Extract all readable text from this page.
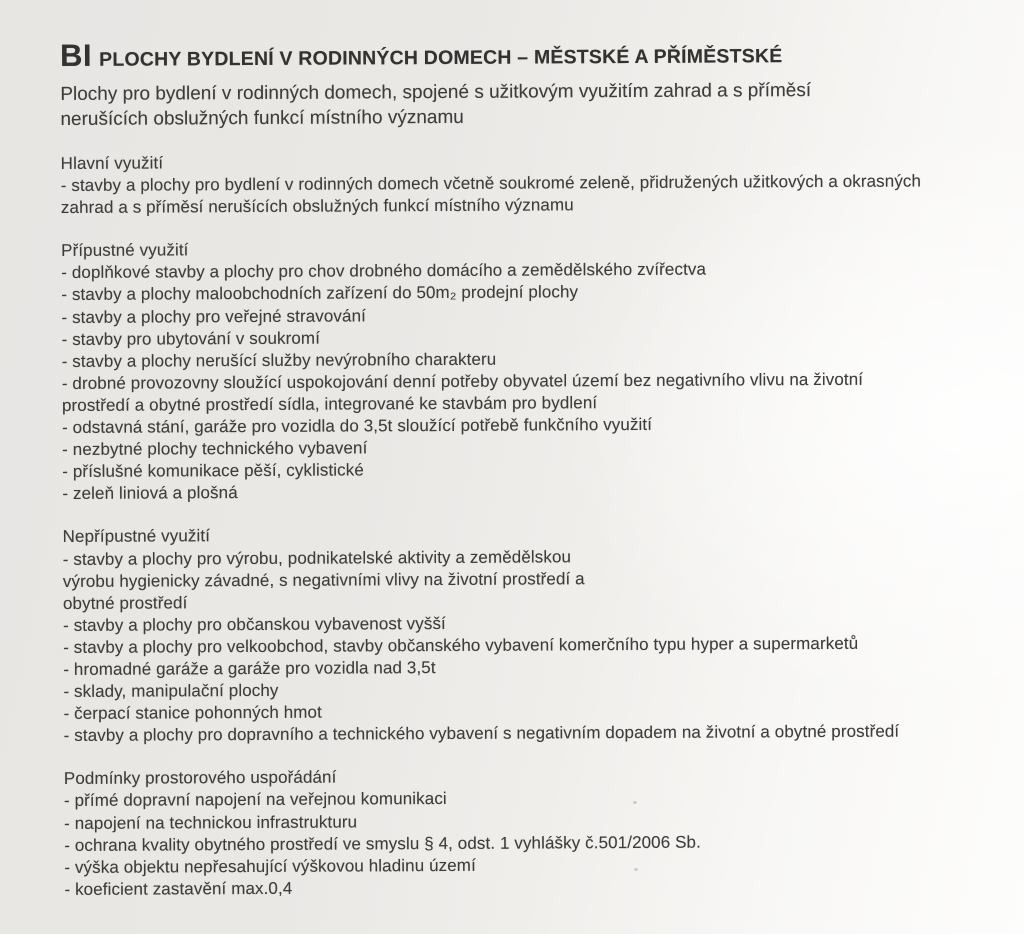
BI PLOCHY BYDLENÍ V RODINNÝCH DOMECH – MĚSTSKÉ A PŘÍMĚSTSKÉ
Plochy pro bydlení v rodinných domech, spojené s užitkovým využitím zahrad a s příměsí
nerušících obslužných funkcí místního významu
Hlavní využití
- stavby a plochy pro bydlení v rodinných domech včetně soukromé zeleně, přidružených užitkových a okrasných
zahrad a s příměsí nerušících obslužných funkcí místního významu
Přípustné využití
- doplňkové stavby a plochy pro chov drobného domácího a zemědělského zvířectva
- stavby a plochy maloobchodních zařízení do 50m₂ prodejní plochy
- stavby a plochy pro veřejné stravování
- stavby pro ubytování v soukromí
- stavby a plochy nerušící služby nevýrobního charakteru
- drobné provozovny sloužící uspokojování denní potřeby obyvatel území bez negativního vlivu na životní
prostředí a obytné prostředí sídla, integrované ke stavbám pro bydlení
- odstavná stání, garáže pro vozidla do 3,5t sloužící potřebě funkčního využití
- nezbytné plochy technického vybavení
- příslušné komunikace pěší, cyklistické
- zeleň liniová a plošná
Nepřípustné využití
- stavby a plochy pro výrobu, podnikatelské aktivity a zemědělskou
výrobu hygienicky závadné, s negativními vlivy na životní prostředí a
obytné prostředí
- stavby a plochy pro občanskou vybavenost vyšší
- stavby a plochy pro velkoobchod, stavby občanského vybavení komerčního typu hyper a supermarketů
- hromadné garáže a garáže pro vozidla nad 3,5t
- sklady, manipulační plochy
- čerpací stanice pohonných hmot
- stavby a plochy pro dopravního a technického vybavení s negativním dopadem na životní a obytné prostředí
Podmínky prostorového uspořádání
- přímé dopravní napojení na veřejnou komunikaci
- napojení na technickou infrastrukturu
- ochrana kvality obytného prostředí ve smyslu § 4, odst. 1 vyhlášky č.501/2006 Sb.
- výška objektu nepřesahující výškovou hladinu území
- koeficient zastavění max.0,4
